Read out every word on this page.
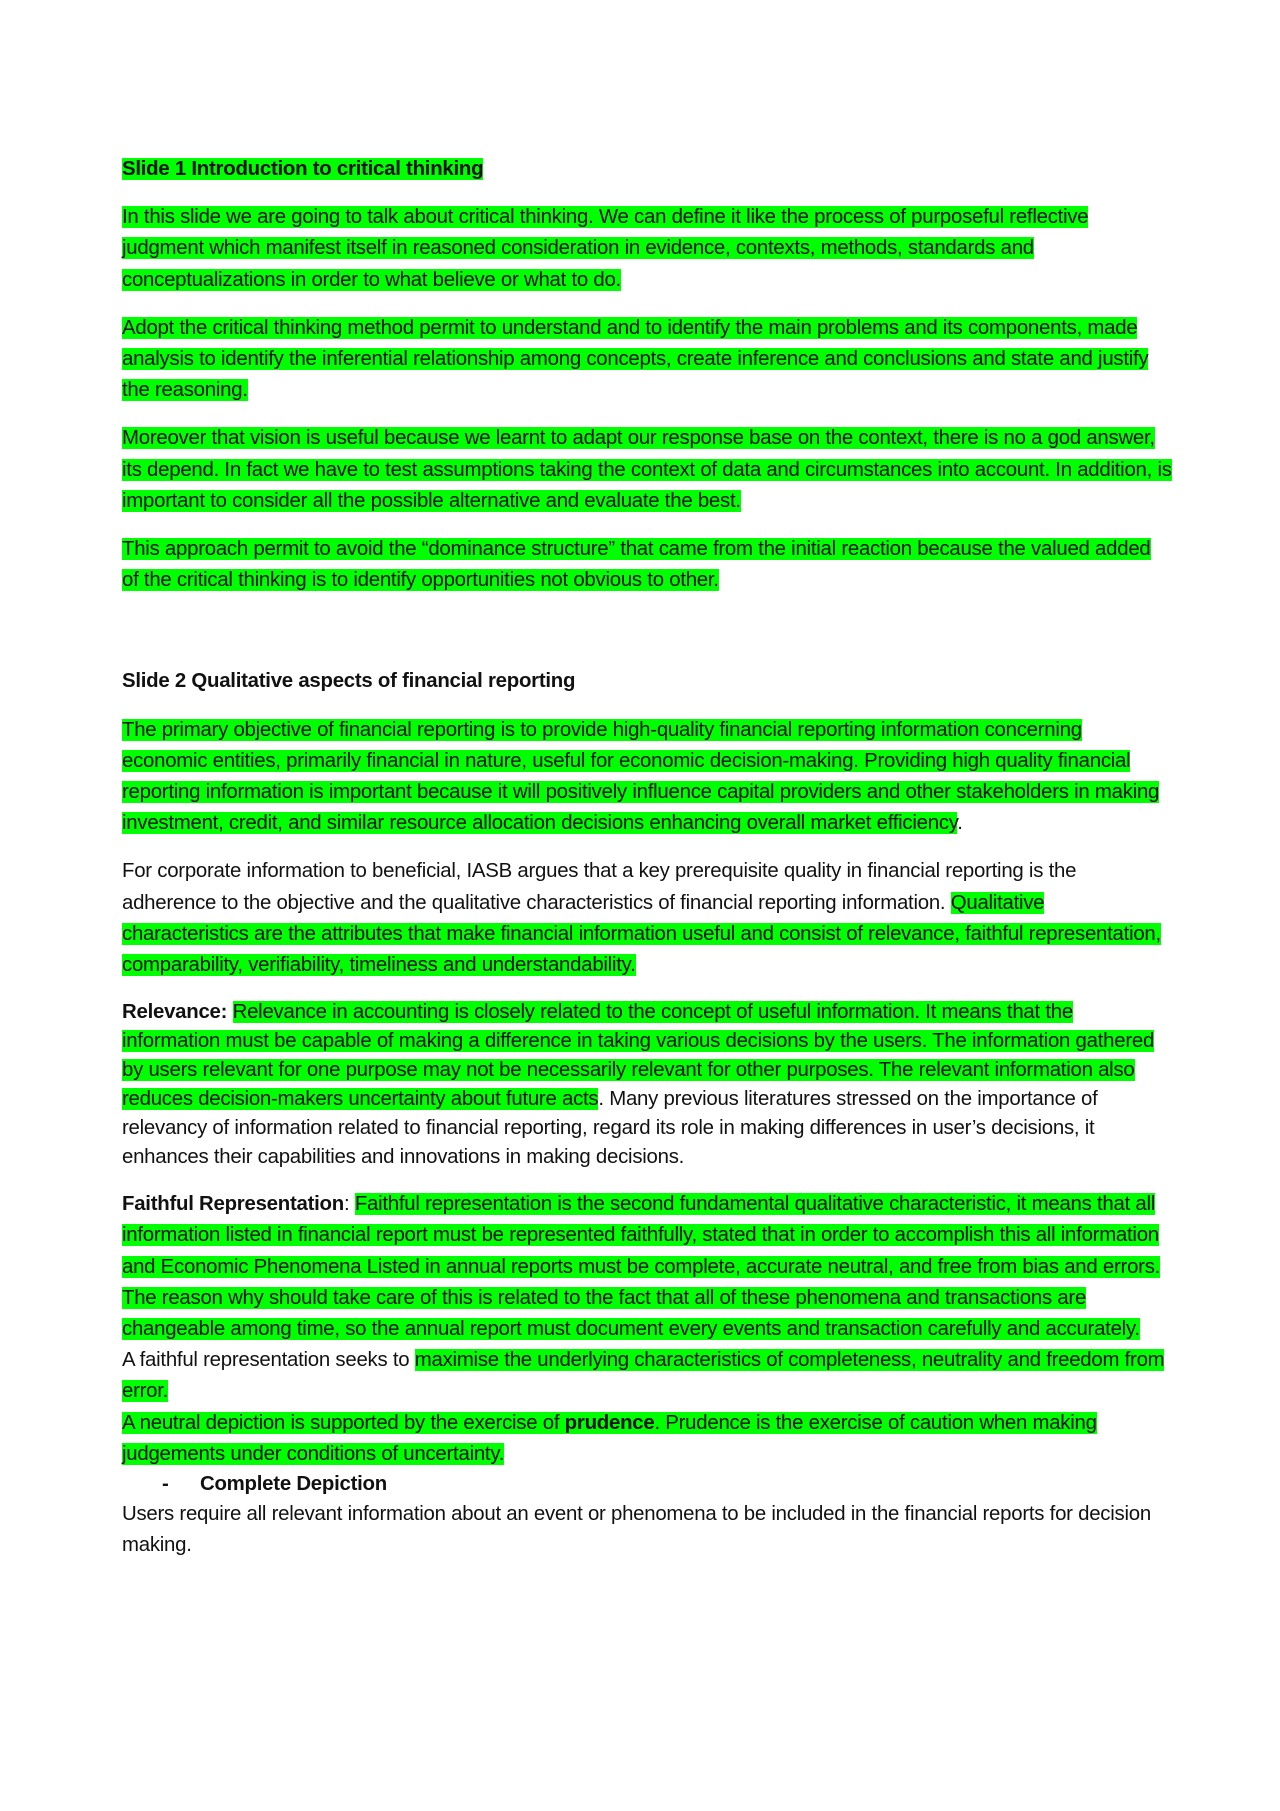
Slide 1 Introduction to critical thinking

In this slide we are going to talk about critical thinking. We can define it like the process of purposeful reflective judgment which manifest itself in reasoned consideration in evidence, contexts, methods, standards and conceptualizations in order to what believe or what to do.

Adopt the critical thinking method permit to understand and to identify the main problems and its components, made analysis to identify the inferential relationship among concepts, create inference and conclusions and state and justify the reasoning.

Moreover that vision is useful because we learnt to adapt our response base on the context, there is no a god answer, its depend. In fact we have to test assumptions taking the context of data and circumstances into account. In addition, is important to consider all the possible alternative and evaluate the best.

This approach permit to avoid the “dominance structure” that came from the initial reaction because the valued added of the critical thinking is to identify opportunities not obvious to other.

Slide 2 Qualitative aspects of financial reporting

The primary objective of financial reporting is to provide high-quality financial reporting information concerning economic entities, primarily financial in nature, useful for economic decision-making. Providing high quality financial reporting information is important because it will positively influence capital providers and other stakeholders in making investment, credit, and similar resource allocation decisions enhancing overall market efficiency.

For corporate information to beneficial, IASB argues that a key prerequisite quality in financial reporting is the adherence to the objective and the qualitative characteristics of financial reporting information. Qualitative characteristics are the attributes that make financial information useful and consist of relevance, faithful representation, comparability, verifiability, timeliness and understandability.

Relevance: Relevance in accounting is closely related to the concept of useful information. It means that the information must be capable of making a difference in taking various decisions by the users. The information gathered by users relevant for one purpose may not be necessarily relevant for other purposes. The relevant information also reduces decision-makers uncertainty about future acts. Many previous literatures stressed on the importance of relevancy of information related to financial reporting, regard its role in making differences in user’s decisions, it enhances their capabilities and innovations in making decisions.

Faithful Representation: Faithful representation is the second fundamental qualitative characteristic, it means that all information listed in financial report must be represented faithfully, stated that in order to accomplish this all information and Economic Phenomena Listed in annual reports must be complete, accurate neutral, and free from bias and errors. The reason why should take care of this is related to the fact that all of these phenomena and transactions are changeable among time, so the annual report must document every events and transaction carefully and accurately.

A faithful representation seeks to maximise the underlying characteristics of completeness, neutrality and freedom from error.

A neutral depiction is supported by the exercise of prudence. Prudence is the exercise of caution when making judgements under conditions of uncertainty.

-	Complete Depiction

Users require all relevant information about an event or phenomena to be included in the financial reports for decision making.
